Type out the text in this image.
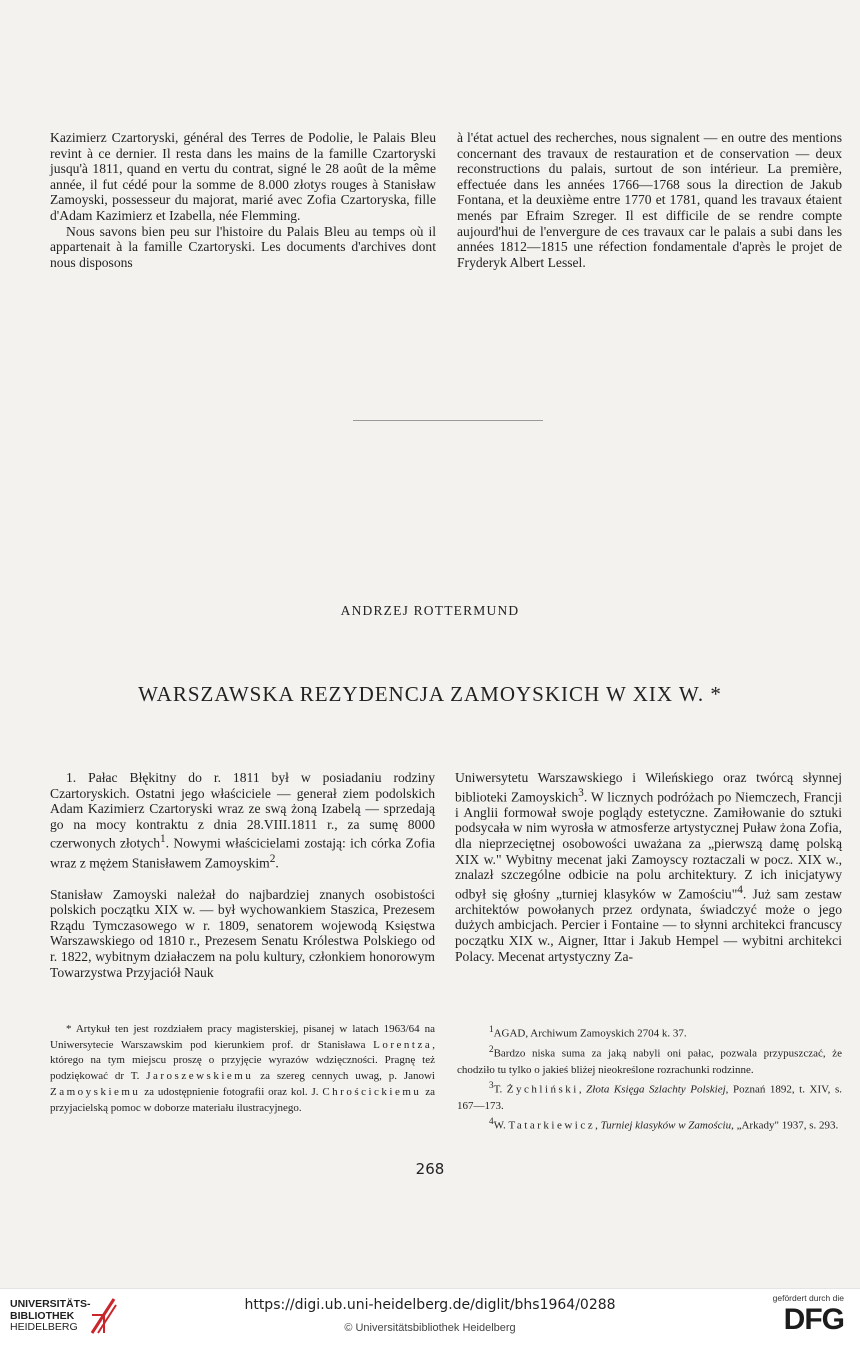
Kazimierz Czartoryski, général des Terres de Podolie, le Palais Bleu revint à ce dernier. Il resta dans les mains de la famille Czartoryski jusqu'à 1811, quand en vertu du contrat, signé le 28 août de la même année, il fut cédé pour la somme de 8.000 złotys rouges à Stanisław Zamoyski, possesseur du majorat, marié avec Zofia Czartoryska, fille d'Adam Kazimierz et Izabella, née Flemming.

Nous savons bien peu sur l'histoire du Palais Bleu au temps où il appartenait à la famille Czartoryski. Les documents d'archives dont nous disposons

à l'état actuel des recherches, nous signalent — en outre des mentions concernant des travaux de restauration et de conservation — deux reconstructions du palais, surtout de son intérieur. La première, effectuée dans les années 1766—1768 sous la direction de Jakub Fontana, et la deuxième entre 1770 et 1781, quand les travaux étaient menés par Efraim Szreger. Il est difficile de se rendre compte aujourd'hui de l'envergure de ces travaux car le palais a subi dans les années 1812—1815 une réfection fondamentale d'après le projet de Fryderyk Albert Lessel.

ANDRZEJ ROTTERMUND
WARSZAWSKA REZYDENCJA ZAMOYSKICH W XIX W. *

1. Pałac Błękitny do r. 1811 był w posiadaniu rodziny Czartoryskich. Ostatni jego właściciele — generał ziem podolskich Adam Kazimierz Czartoryski wraz ze swą żoną Izabelą — sprzedają go na mocy kontraktu z dnia 28.VIII.1811 r., za sumę 8000 czerwonych złotych$^1$. Nowymi właścicielami zostają: ich córka Zofia wraz z mężem Stanisławem Zamoyskim$^2$.

Stanisław Zamoyski należał do najbardziej znanych osobistości polskich początku XIX w. — był wychowankiem Staszica, Prezesem Rządu Tymczasowego w r. 1809, senatorem wojewodą Księstwa Warszawskiego od 1810 r., Prezesem Senatu Królestwa Polskiego od r. 1822, wybitnym działaczem na polu kultury, członkiem honorowym Towarzystwa Przyjaciół Nauk

Uniwersytetu Warszawskiego i Wileńskiego oraz twórcą słynnej biblioteki Zamoyskich$^3$. W licznych podróżach po Niemczech, Francji i Anglii formował swoje poglądy estetyczne. Zamiłowanie do sztuki podsycała w nim wyrosła w atmosferze artystycznej Puław żona Zofia, dla nieprzeciętnej osobowości uważana za „pierwszą damę polską XIX w." Wybitny mecenat jaki Zamoyscy roztaczali w pocz. XIX w., znalazł szczególne odbicie na polu architektury. Z ich inicjatywy odbył się głośny „turniej klasyków w Zamościu"$^4$. Już sam zestaw architektów powołanych przez ordynata, świadczyć może o jego dużych ambicjach. Percier i Fontaine — to słynni architekci francuscy początku XIX w., Aigner, Ittar i Jakub Hempel — wybitni architekci Polacy. Mecenat artystyczny Za-

* Artykuł ten jest rozdziałem pracy magisterskiej, pisanej w latach 1963/64 na Uniwersytecie Warszawskim pod kierunkiem prof. dr Stanisława Lorentza, którego na tym miejscu proszę o przyjęcie wyrazów wdzięczności. Pragnę też podziękować dr T. Jaroszewskiemu za szereg cennych uwag, p. Janowi Zamoyskiemu za udostępnienie fotografii oraz kol. J. Chrościckiemu za przyjacielską pomoc w doborze materiału ilustracyjnego.

$^1$AGAD, Archiwum Zamoyskich 2704 k. 37.

$^2$Bardzo niska suma za jaką nabyli oni pałac, pozwala przypuszczać, że chodziło tu tylko o jakieś bliżej nieokreślone rozrachunki rodzinne.

$^3$T. Żychliński, Złota Księga Szlachty Polskiej, Poznań 1892, t. XIV, s. 167—173.

$^4$W. Tatarkiewicz, Turniej klasyków w Zamościu, „Arkady" 1937, s. 293.

268
UNIVERSITÄTS-
BIBLIOTHEK
HEIDELBERG
https://digi.ub.uni-heidelberg.de/diglit/bhs1964/0288
© Universitätsbibliothek Heidelberg
gefördert durch die
DFG
